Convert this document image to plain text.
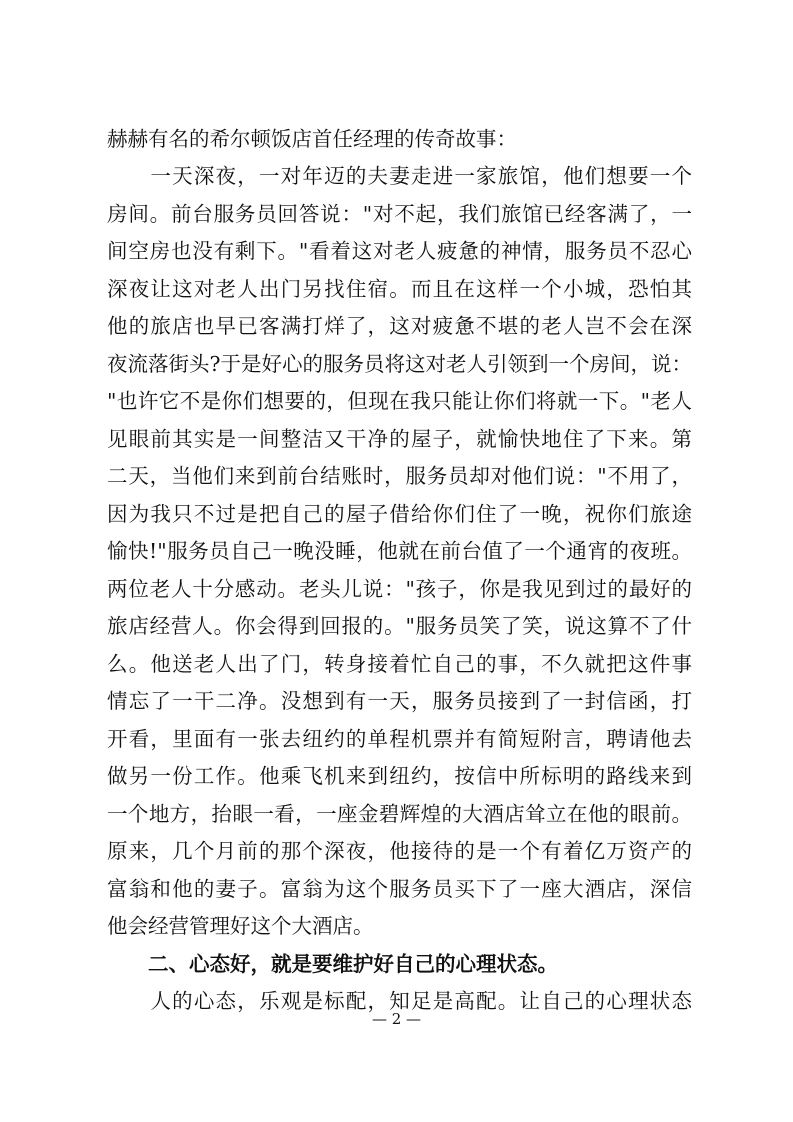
赫赫有名的希尔顿饭店首任经理的传奇故事：
　　一天深夜，一对年迈的夫妻走进一家旅馆，他们想要一个
房间。前台服务员回答说："对不起，我们旅馆已经客满了，一
间空房也没有剩下。"看着这对老人疲惫的神情，服务员不忍心
深夜让这对老人出门另找住宿。而且在这样一个小城，恐怕其
他的旅店也早已客满打烊了，这对疲惫不堪的老人岂不会在深
夜流落街头?于是好心的服务员将这对老人引领到一个房间，说：
"也许它不是你们想要的，但现在我只能让你们将就一下。"老人
见眼前其实是一间整洁又干净的屋子，就愉快地住了下来。第
二天，当他们来到前台结账时，服务员却对他们说："不用了，
因为我只不过是把自己的屋子借给你们住了一晚，祝你们旅途
愉快!"服务员自己一晚没睡，他就在前台值了一个通宵的夜班。
两位老人十分感动。老头儿说："孩子，你是我见到过的最好的
旅店经营人。你会得到回报的。"服务员笑了笑，说这算不了什
么。他送老人出了门，转身接着忙自己的事，不久就把这件事
情忘了一干二净。没想到有一天，服务员接到了一封信函，打
开看，里面有一张去纽约的单程机票并有简短附言，聘请他去
做另一份工作。他乘飞机来到纽约，按信中所标明的路线来到
一个地方，抬眼一看，一座金碧辉煌的大酒店耸立在他的眼前。
原来，几个月前的那个深夜，他接待的是一个有着亿万资产的
富翁和他的妻子。富翁为这个服务员买下了一座大酒店，深信
他会经营管理好这个大酒店。
　　二、心态好，就是要维护好自己的心理状态。
　　人的心态，乐观是标配，知足是高配。让自己的心理状态
— 2 —
